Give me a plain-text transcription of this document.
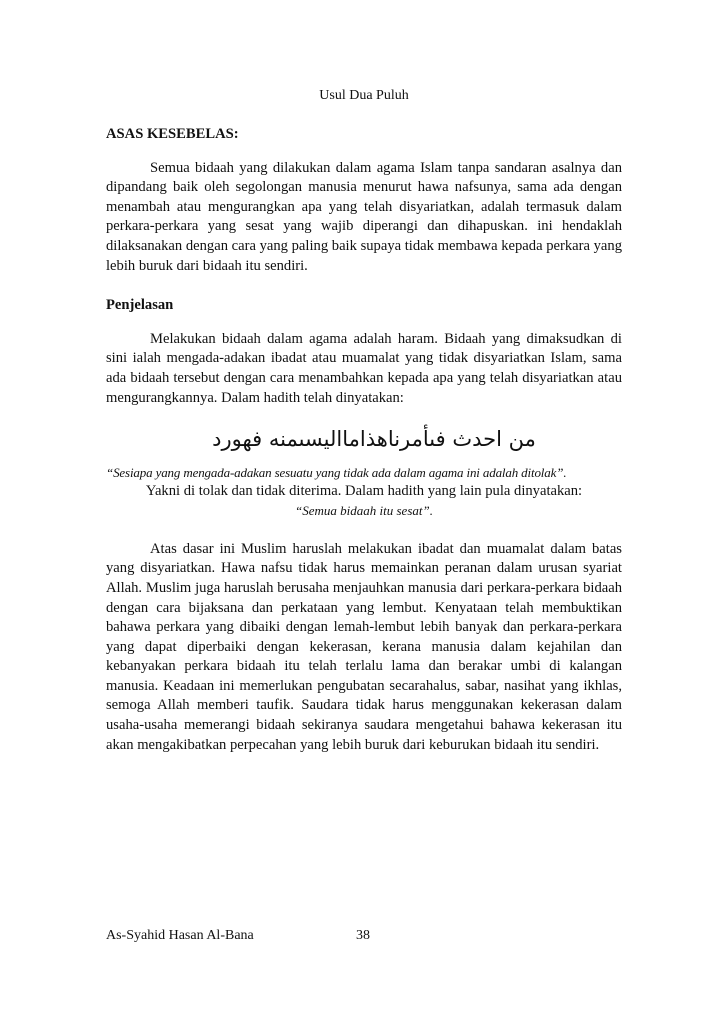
Usul Dua Puluh

ASAS KESEBELAS:

Semua bidaah yang dilakukan dalam agama Islam tanpa sandaran asalnya dan dipandang baik oleh segolongan manusia menurut hawa nafsunya, sama ada dengan menambah atau mengurangkan apa yang telah disyariatkan, adalah termasuk dalam perkara-perkara yang sesat yang wajib diperangi dan dihapuskan. ini hendaklah dilaksanakan dengan cara yang paling baik supaya tidak membawa kepada perkara yang lebih buruk dari bidaah itu sendiri.

Penjelasan

Melakukan bidaah dalam agama adalah haram. Bidaah yang dimaksudkan di sini ialah mengada-adakan ibadat atau muamalat yang tidak disyariatkan Islam, sama ada bidaah tersebut dengan cara menambahkan kepada apa yang telah disyariatkan atau mengurangkannya. Dalam hadith telah dinyatakan:

من احدث فىأمرناهذامااليسىمنه فهورد

“Sesiapa yang mengada-adakan sesuatu yang tidak ada dalam agama ini adalah ditolak”.

Yakni di tolak dan tidak diterima. Dalam hadith yang lain pula dinyatakan:

“Semua bidaah itu sesat”.

Atas dasar ini Muslim haruslah melakukan ibadat dan muamalat dalam batas yang disyariatkan. Hawa nafsu tidak harus memainkan peranan dalam urusan syariat Allah. Muslim juga haruslah berusaha menjauhkan manusia dari perkara-perkara bidaah dengan cara bijaksana dan perkataan yang lembut. Kenyataan telah membuktikan bahawa perkara yang dibaiki dengan lemah-lembut lebih banyak dan perkara-perkara yang dapat diperbaiki dengan kekerasan, kerana manusia dalam kejahilan dan kebanyakan perkara bidaah itu telah terlalu lama dan berakar umbi di kalangan manusia. Keadaan ini memerlukan pengubatan secarahalus, sabar, nasihat yang ikhlas, semoga Allah memberi taufik. Saudara tidak harus menggunakan kekerasan dalam usaha-usaha memerangi bidaah sekiranya saudara mengetahui bahawa kekerasan itu akan mengakibatkan perpecahan yang lebih buruk dari keburukan bidaah itu sendiri.

As-Syahid Hasan Al-Bana	38
